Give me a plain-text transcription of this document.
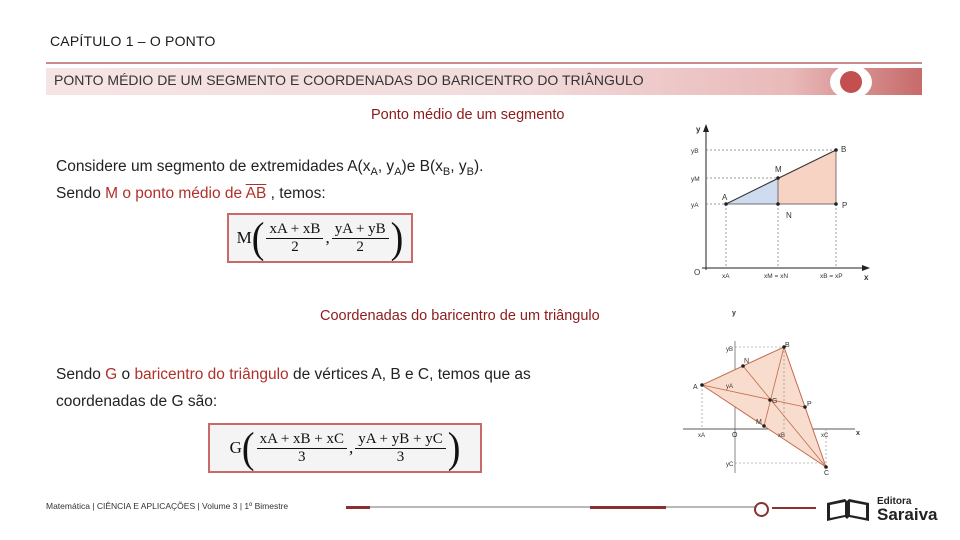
CAPÍTULO 1 – O PONTO
PONTO MÉDIO DE UM SEGMENTO E COORDENADAS DO BARICENTRO DO TRIÂNGULO
Ponto médio de um segmento
Considere um segmento de extremidades $A(x_A$, $y_A)e$ $B(x_B$, $y_B$).
Sendo M o ponto médio de $\overline{AB}$ , temos:
M ( $\frac{xA + xB}{2}$ , $\frac{yA + yB}{2}$ )
y
x
O
yB
yM
yA
xA	xM = xN	xB = xP
A
M
B
N
P
Coordenadas do baricentro de um triângulo
Sendo G o baricentro do triângulo de vértices A, B e C, temos que as coordenadas de G são:
G ( $\frac{xA + xB + xC}{3}$ , $\frac{yA + yB + yC}{3}$ )
y
x
yB
yA
yC
xA	xC
xB
O
A
B
C
G
M
N
P
Matemática | CIÊNCIA E APLICAÇÕES | Volume 3 | 1º Bimestre	Editora
Saraiva
